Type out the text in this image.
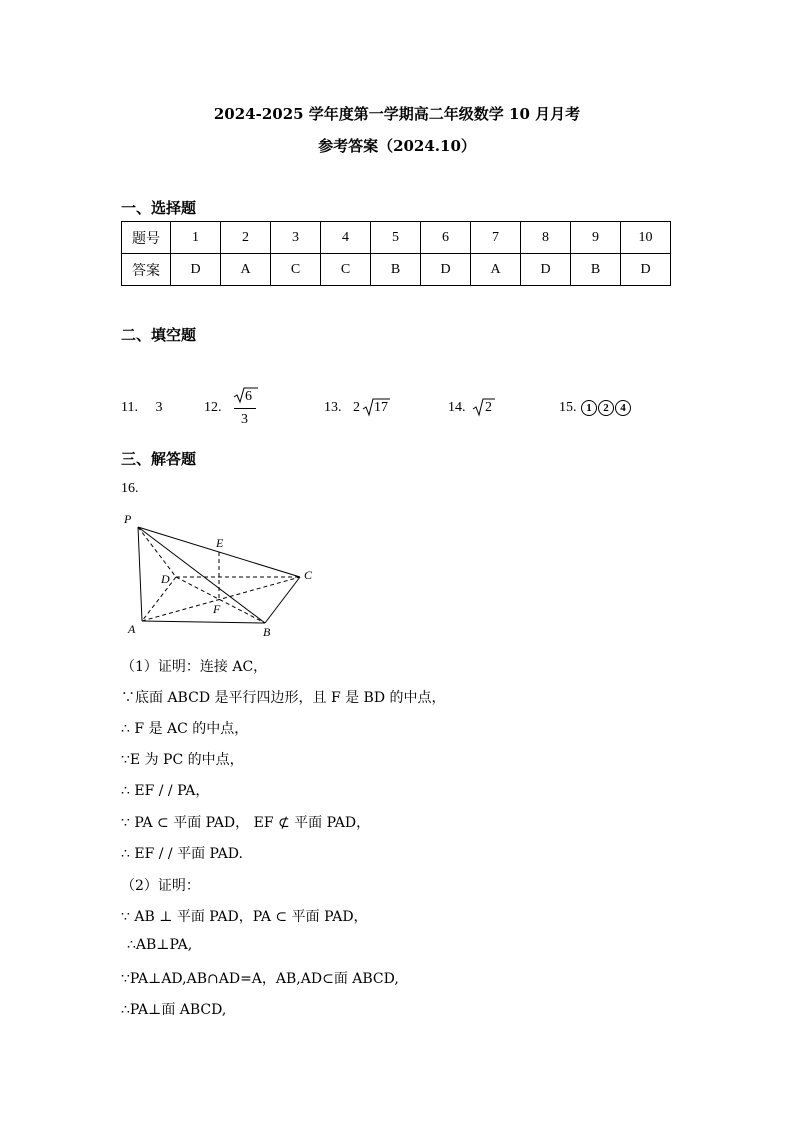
2024-2025 学年度第一学期高二年级数学 10 月月考
参考答案（2024.10）
一、选择题
题号	1	2	3	4	5	6	7	8	9	10
答案	D	A	C	C	B	D	A	D	B	D
二、填空题
11. 3	12.
6
3
13. 2 17	14. 2	15. 1 2 4
三、解答题
16.
P
E
D	C
F
A	B
（1）证明：连接 AC，
∵底面 ABCD 是平行四边形，且 F 是 BD 的中点，
∴ F 是 AC 的中点，
∵E 为 PC 的中点，
∴ EF / / PA，
∵ PA ⊂ 平面 PAD， EF ⊄ 平面 PAD，
∴ EF / / 平面 PAD.
（2）证明：
∵ AB ⊥ 平面 PAD，PA ⊂ 平面 PAD，
∴AB⊥PA,
∵PA⊥AD,AB∩AD=A，AB,AD⊂面 ABCD,
∴PA⊥面 ABCD,
